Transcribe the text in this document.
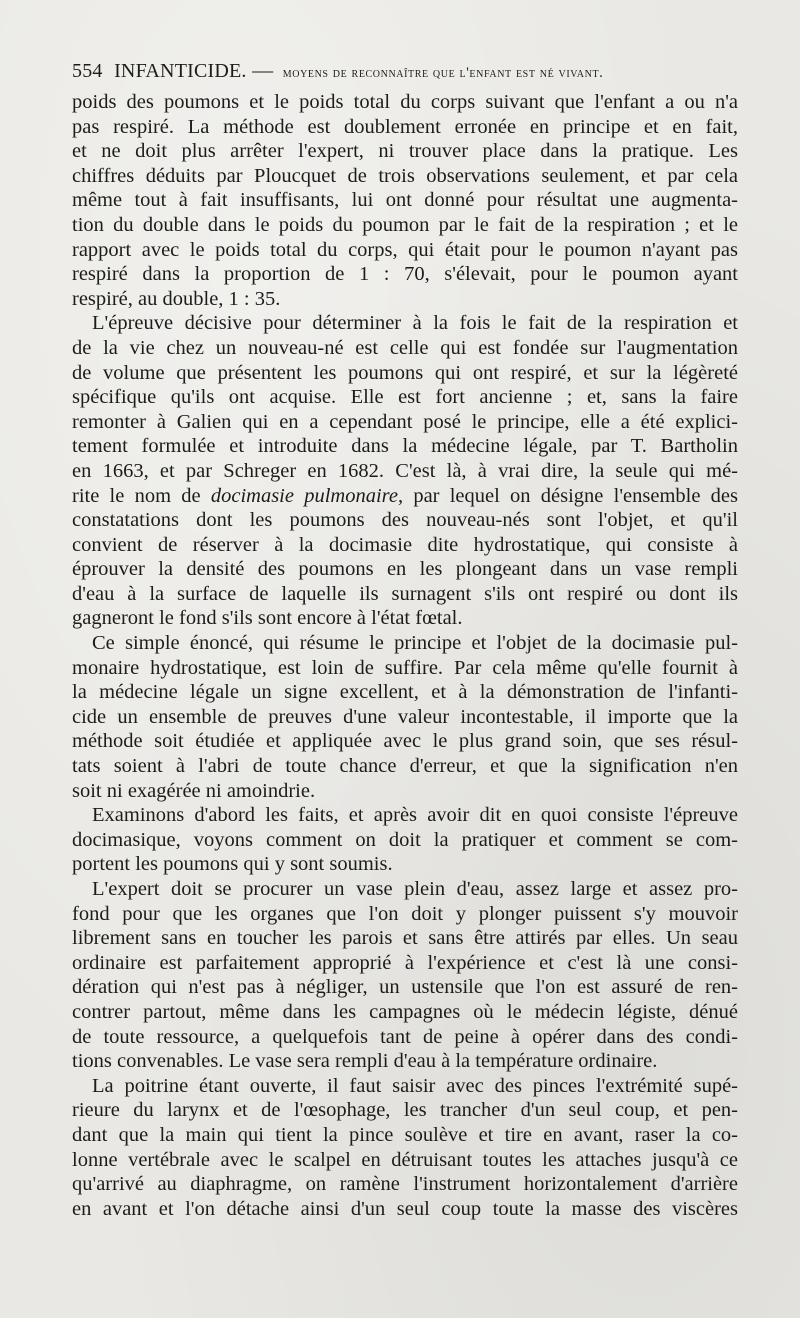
554 INFANTICIDE. — moyens de reconnaître que l'enfant est né vivant.
poids des poumons et le poids total du corps suivant que l'enfant a ou n'a
pas respiré. La méthode est doublement erronée en principe et en fait,
et ne doit plus arrêter l'expert, ni trouver place dans la pratique. Les
chiffres déduits par Ploucquet de trois observations seulement, et par cela
même tout à fait insuffisants, lui ont donné pour résultat une augmenta-
tion du double dans le poids du poumon par le fait de la respiration ; et le
rapport avec le poids total du corps, qui était pour le poumon n'ayant pas
respiré dans la proportion de 1 : 70, s'élevait, pour le poumon ayant
respiré, au double, 1 : 35.
L'épreuve décisive pour déterminer à la fois le fait de la respiration et
de la vie chez un nouveau-né est celle qui est fondée sur l'augmentation
de volume que présentent les poumons qui ont respiré, et sur la légèreté
spécifique qu'ils ont acquise. Elle est fort ancienne ; et, sans la faire
remonter à Galien qui en a cependant posé le principe, elle a été explici-
tement formulée et introduite dans la médecine légale, par T. Bartholin
en 1663, et par Schreger en 1682. C'est là, à vrai dire, la seule qui mé-
rite le nom de docimasie pulmonaire, par lequel on désigne l'ensemble des
constatations dont les poumons des nouveau-nés sont l'objet, et qu'il
convient de réserver à la docimasie dite hydrostatique, qui consiste à
éprouver la densité des poumons en les plongeant dans un vase rempli
d'eau à la surface de laquelle ils surnagent s'ils ont respiré ou dont ils
gagneront le fond s'ils sont encore à l'état fœtal.
Ce simple énoncé, qui résume le principe et l'objet de la docimasie pul-
monaire hydrostatique, est loin de suffire. Par cela même qu'elle fournit à
la médecine légale un signe excellent, et à la démonstration de l'infanti-
cide un ensemble de preuves d'une valeur incontestable, il importe que la
méthode soit étudiée et appliquée avec le plus grand soin, que ses résul-
tats soient à l'abri de toute chance d'erreur, et que la signification n'en
soit ni exagérée ni amoindrie.
Examinons d'abord les faits, et après avoir dit en quoi consiste l'épreuve
docimasique, voyons comment on doit la pratiquer et comment se com-
portent les poumons qui y sont soumis.
L'expert doit se procurer un vase plein d'eau, assez large et assez pro-
fond pour que les organes que l'on doit y plonger puissent s'y mouvoir
librement sans en toucher les parois et sans être attirés par elles. Un seau
ordinaire est parfaitement approprié à l'expérience et c'est là une consi-
dération qui n'est pas à négliger, un ustensile que l'on est assuré de ren-
contrer partout, même dans les campagnes où le médecin légiste, dénué
de toute ressource, a quelquefois tant de peine à opérer dans des condi-
tions convenables. Le vase sera rempli d'eau à la température ordinaire.
La poitrine étant ouverte, il faut saisir avec des pinces l'extrémité supé-
rieure du larynx et de l'œsophage, les trancher d'un seul coup, et pen-
dant que la main qui tient la pince soulève et tire en avant, raser la co-
lonne vertébrale avec le scalpel en détruisant toutes les attaches jusqu'à ce
qu'arrivé au diaphragme, on ramène l'instrument horizontalement d'arrière
en avant et l'on détache ainsi d'un seul coup toute la masse des viscères
